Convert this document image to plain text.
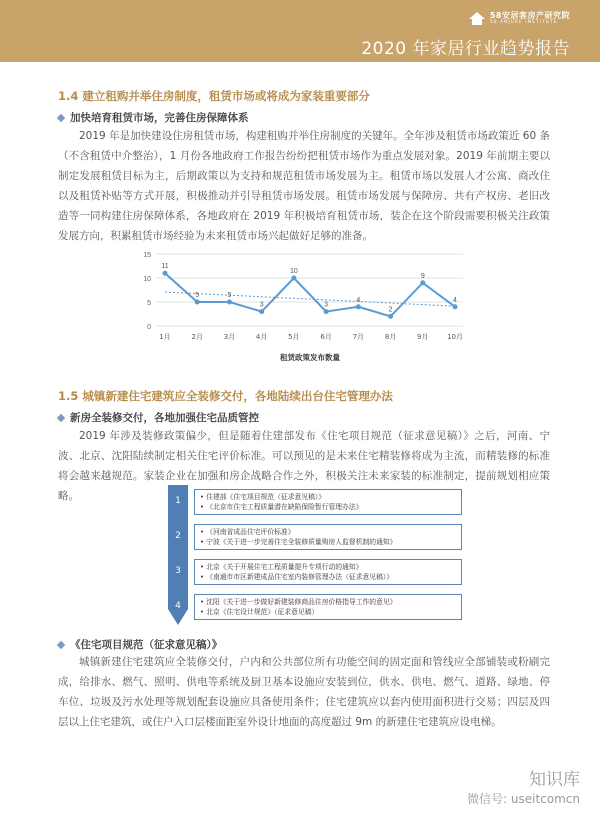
58安居客房产研究院
58 ANJUKE INSTITUTE
2020 年家居行业趋势报告
1.4 建立租购并举住房制度，租赁市场或将成为家装重要部分
加快培育租赁市场，完善住房保障体系
2019 年是加快建设住房租赁市场，构建租购并举住房制度的关键年。全年涉及租赁市场政策近 60 条（不含租赁中介整治），1 月份各地政府工作报告纷纷把租赁市场作为重点发展对象。2019 年前期主要以制定发展租赁目标为主，后期政策以为支持和规范租赁市场发展为主。租赁市场以发展人才公寓、商改住以及租赁补贴等方式开展，积极推动并引导租赁市场发展。租赁市场发展与保障房、共有产权房、老旧改造等一同构建住房保障体系，各地政府在 2019 年积极培育租赁市场，装企在这个阶段需要积极关注政策发展方向，积累租赁市场经验为未来租赁市场兴起做好足够的准备。
0
5
10
15
1月	2月	3月	4月	5月	6月	7月	8月	9月	10月
11
5	5
3
10
3
4
2
9
4
租赁政策发布数量
1.5 城镇新建住宅建筑应全装修交付，各地陆续出台住宅管理办法
新房全装修交付，各地加强住宅品质管控
2019 年涉及装修政策偏少，但是随着住建部发布《住宅项目规范（征求意见稿）》之后，河南、宁波、北京、沈阳陆续制定相关住宅评价标准。可以预见的是未来住宅精装修将成为主流，而精装修的标准将会越来越规范。家装企业在加强和房企战略合作之外，积极关注未来家装的标准制定，提前规划相应策略。	1
2
3
4
• 住建部《住宅项目规范（征求意见稿）》
• 《北京市住宅工程质量潜在缺陷保险暂行管理办法》
• 《河南省成品住宅评价标准》
• 宁波《关于进一步完善住宅全装修质量购房人监督机制的通知》
• 北京《关于开展住宅工程质量提升专项行动的通知》
• 《南通市市区新建成品住宅室内装修管理办法（征求意见稿）》
• 沈阳《关于进一步做好新建装修商品住房价格指导工作的意见》
• 北京《住宅设计规范》（征求意见稿）
《住宅项目规范（征求意见稿）》
城镇新建住宅建筑应全装修交付，户内和公共部位所有功能空间的固定面和管线应全部铺装或粉刷完成，给排水、燃气、照明、供电等系统及厨卫基本设施应安装到位，供水、供电、燃气、道路、绿地、停车位、垃圾及污水处理等规划配套设施应具备使用条件；住宅建筑应以套内使用面积进行交易；四层及四层以上住宅建筑，或住户入口层楼面距室外设计地面的高度超过 9m 的新建住宅建筑应设电梯。
知识库
微信号: useitcomcn
